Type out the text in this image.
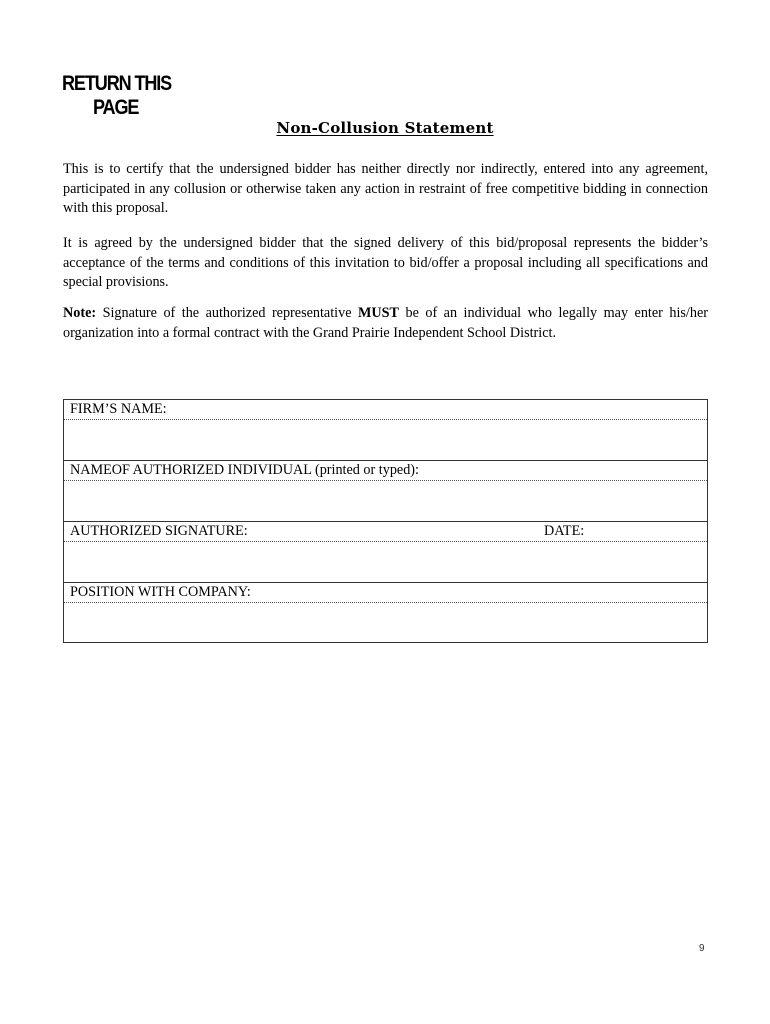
RETURN THIS
PAGE
Non-Collusion Statement

This is to certify that the undersigned bidder has neither directly nor indirectly, entered into any agreement, participated in any collusion or otherwise taken any action in restraint of free competitive bidding in connection with this proposal.

It is agreed by the undersigned bidder that the signed delivery of this bid/proposal represents the bidder’s acceptance of the terms and conditions of this invitation to bid/offer a proposal including all specifications and special provisions.

Note: Signature of the authorized representative MUST be of an individual who legally may enter his/her organization into a formal contract with the Grand Prairie Independent School District.

FIRM’S NAME:
NAMEOF AUTHORIZED INDIVIDUAL (printed or typed):
AUTHORIZED SIGNATURE:	DATE:
POSITION WITH COMPANY:
9
